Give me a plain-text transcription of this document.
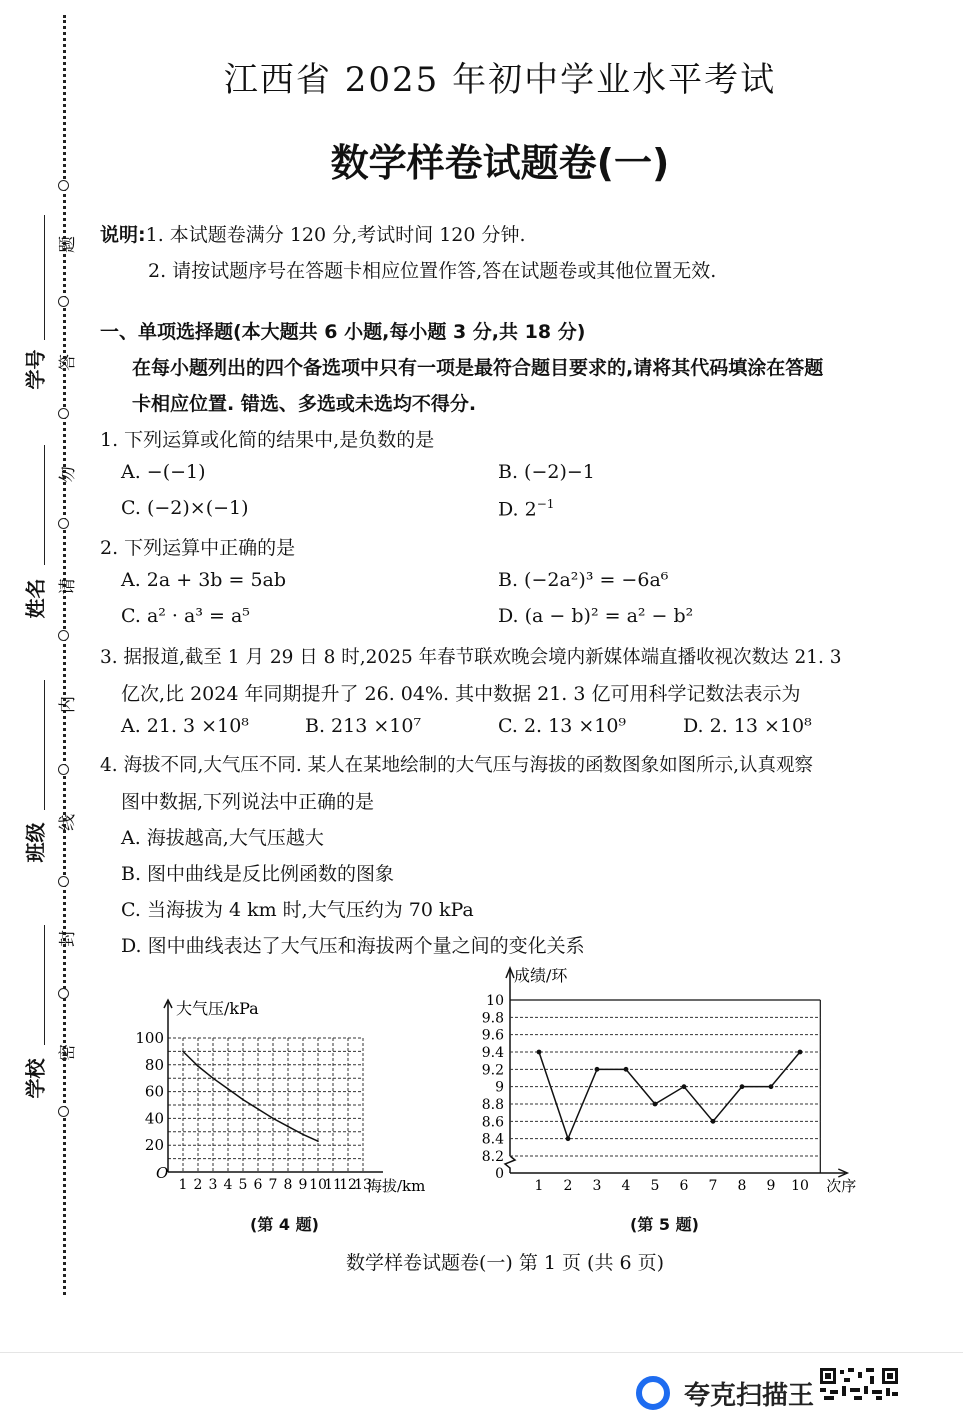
题
答
勿
请
内
线
封
密
学号
姓名
班级
学校
江西省 2025 年初中学业水平考试
数学样卷试题卷(一)
说明:1. 本试题卷满分 120 分,考试时间 120 分钟.
2. 请按试题序号在答题卡相应位置作答,答在试题卷或其他位置无效.
一、单项选择题(本大题共 6 小题,每小题 3 分,共 18 分)
在每小题列出的四个备选项中只有一项是最符合题目要求的,请将其代码填涂在答题
卡相应位置. 错选、多选或未选均不得分.
1. 下列运算或化简的结果中,是负数的是
A. −(−1)	B. (−2)−1
C. (−2)×(−1)	D. $2^{-1}$
2. 下列运算中正确的是
A. 2a + 3b = 5ab	B. (−2a²)³ = −6a⁶
C. a² · a³ = a⁵	D. (a − b)² = a² − b²
3. 据报道,截至 1 月 29 日 8 时,2025 年春节联欢晚会境内新媒体端直播收视次数达 21. 3
亿次,比 2024 年同期提升了 26. 04%. 其中数据 21. 3 亿可用科学记数法表示为
A. 21. 3 ×10⁸	B. 213 ×10⁷	C. 2. 13 ×10⁹	D. 2. 13 ×10⁸
4. 海拔不同,大气压不同. 某人在某地绘制的大气压与海拔的函数图象如图所示,认真观察
图中数据,下列说法中正确的是
A. 海拔越高,大气压越大
B. 图中曲线是反比例函数的图象
C. 当海拔为 4 km 时,大气压约为 70 kPa
D. 图中曲线表达了大气压和海拔两个量之间的变化关系
1 2 3 4 5 6 7 8 9 10
11
12
13
20
40
60
80
100
O
大气压/kPa
海拔/km
(第 4 题)
8.2
8.4
8.6
8.8
9
9.2
9.4
9.6
9.8
10
0
1 2 3 4 5 6 7 8 9 10
成绩/环
次序
(第 5 题)
数学样卷试题卷(一) 第 1 页 (共 6 页)
夸克扫描王
